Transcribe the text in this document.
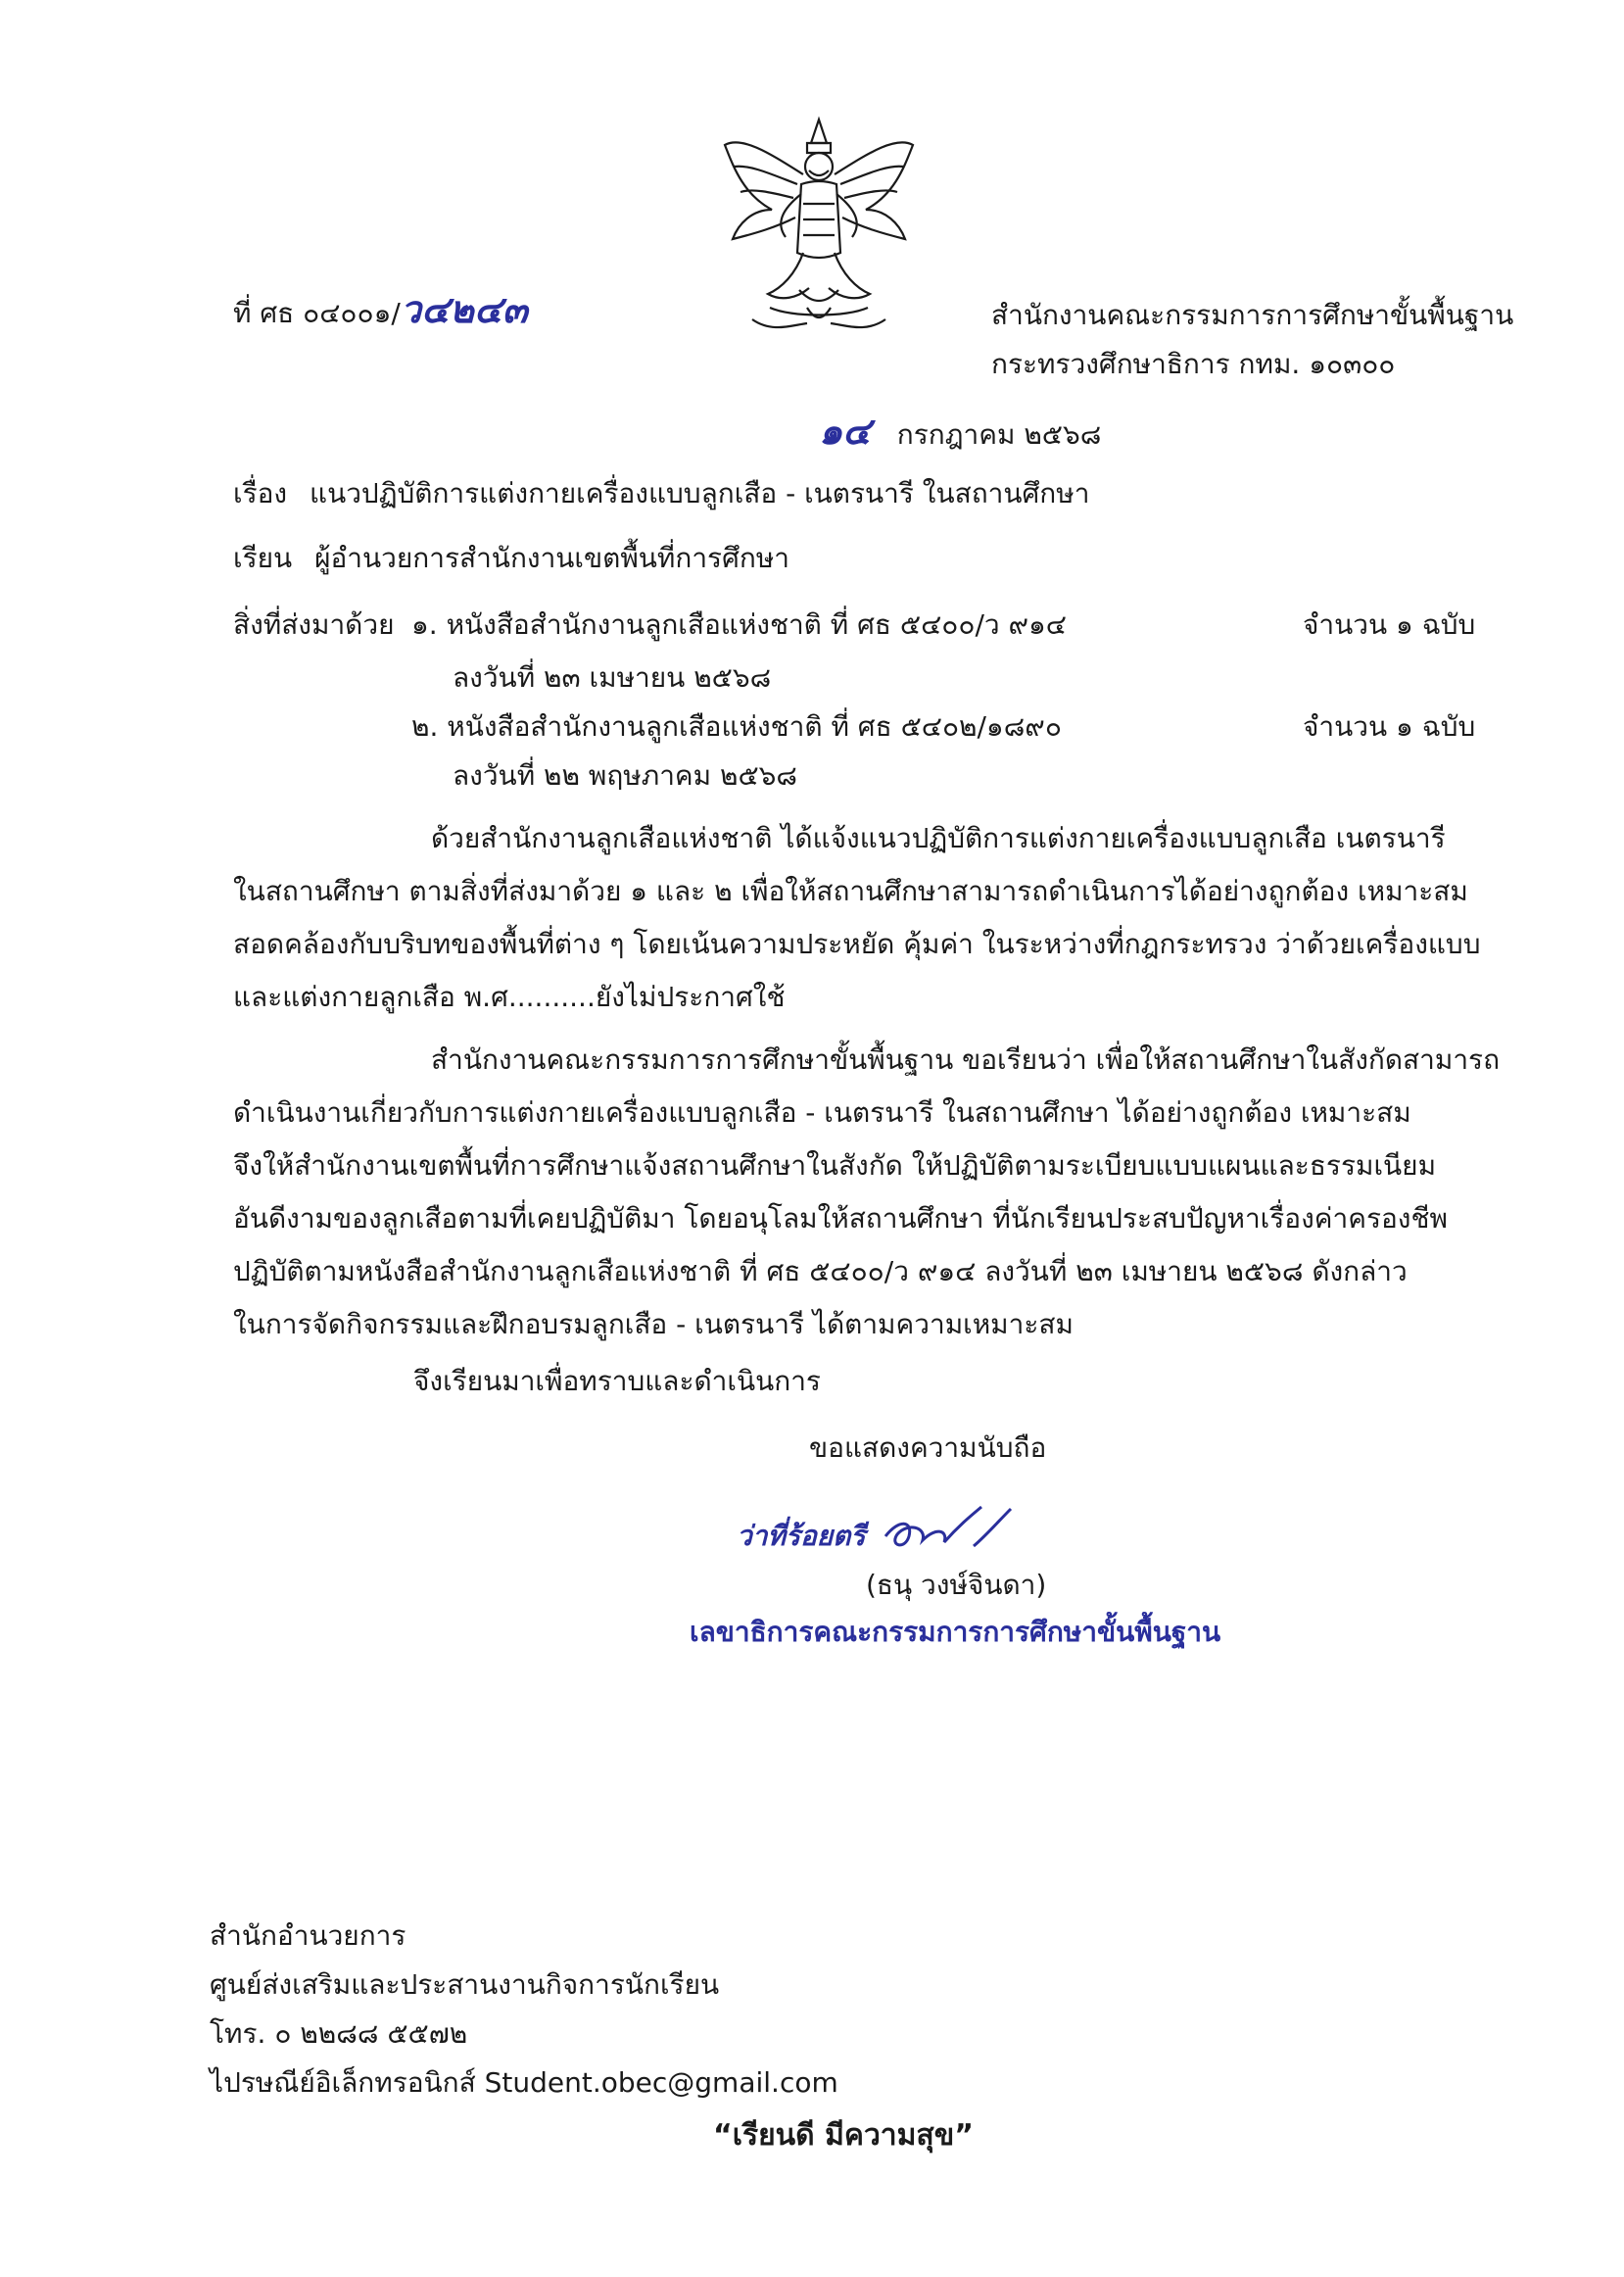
ที่ ศธ ๐๔๐๐๑/ว๔๒๔๓	สำนักงานคณะกรรมการการศึกษาขั้นพื้นฐาน
กระทรวงศึกษาธิการ กทม. ๑๐๓๐๐
๑๔ กรกฎาคม ๒๕๖๘
เรื่อง แนวปฏิบัติการแต่งกายเครื่องแบบลูกเสือ - เนตรนารี ในสถานศึกษา
เรียน ผู้อำนวยการสำนักงานเขตพื้นที่การศึกษา
สิ่งที่ส่งมาด้วย ๑. หนังสือสำนักงานลูกเสือแห่งชาติ ที่ ศธ ๕๔๐๐/ว ๙๑๔
ลงวันที่ ๒๓ เมษายน ๒๕๖๘
จำนวน ๑ ฉบับ
๒. หนังสือสำนักงานลูกเสือแห่งชาติ ที่ ศธ ๕๔๐๒/๑๘๙๐
ลงวันที่ ๒๒ พฤษภาคม ๒๕๖๘
จำนวน ๑ ฉบับ
ด้วยสำนักงานลูกเสือแห่งชาติ ได้แจ้งแนวปฏิบัติการแต่งกายเครื่องแบบลูกเสือ เนตรนารี
ในสถานศึกษา ตามสิ่งที่ส่งมาด้วย ๑ และ ๒ เพื่อให้สถานศึกษาสามารถดำเนินการได้อย่างถูกต้อง เหมาะสม
สอดคล้องกับบริบทของพื้นที่ต่าง ๆ โดยเน้นความประหยัด คุ้มค่า ในระหว่างที่กฎกระทรวง ว่าด้วยเครื่องแบบ
และแต่งกายลูกเสือ พ.ศ..........ยังไม่ประกาศใช้
สำนักงานคณะกรรมการการศึกษาขั้นพื้นฐาน ขอเรียนว่า เพื่อให้สถานศึกษาในสังกัดสามารถ
ดำเนินงานเกี่ยวกับการแต่งกายเครื่องแบบลูกเสือ - เนตรนารี ในสถานศึกษา ได้อย่างถูกต้อง เหมาะสม
จึงให้สำนักงานเขตพื้นที่การศึกษาแจ้งสถานศึกษาในสังกัด ให้ปฏิบัติตามระเบียบแบบแผนและธรรมเนียม
อันดีงามของลูกเสือตามที่เคยปฏิบัติมา โดยอนุโลมให้สถานศึกษา ที่นักเรียนประสบปัญหาเรื่องค่าครองชีพ
ปฏิบัติตามหนังสือสำนักงานลูกเสือแห่งชาติ ที่ ศธ ๕๔๐๐/ว ๙๑๔ ลงวันที่ ๒๓ เมษายน ๒๕๖๘ ดังกล่าว
ในการจัดกิจกรรมและฝึกอบรมลูกเสือ - เนตรนารี ได้ตามความเหมาะสม
จึงเรียนมาเพื่อทราบและดำเนินการ
ขอแสดงความนับถือ
ว่าที่ร้อยตรี
(ธนุ วงษ์จินดา)
เลขาธิการคณะกรรมการการศึกษาขั้นพื้นฐาน
สำนักอำนวยการ
ศูนย์ส่งเสริมและประสานงานกิจการนักเรียน
โทร. ๐ ๒๒๘๘ ๕๕๗๒
ไปรษณีย์อิเล็กทรอนิกส์ Student.obec@gmail.com
“เรียนดี มีความสุข”
